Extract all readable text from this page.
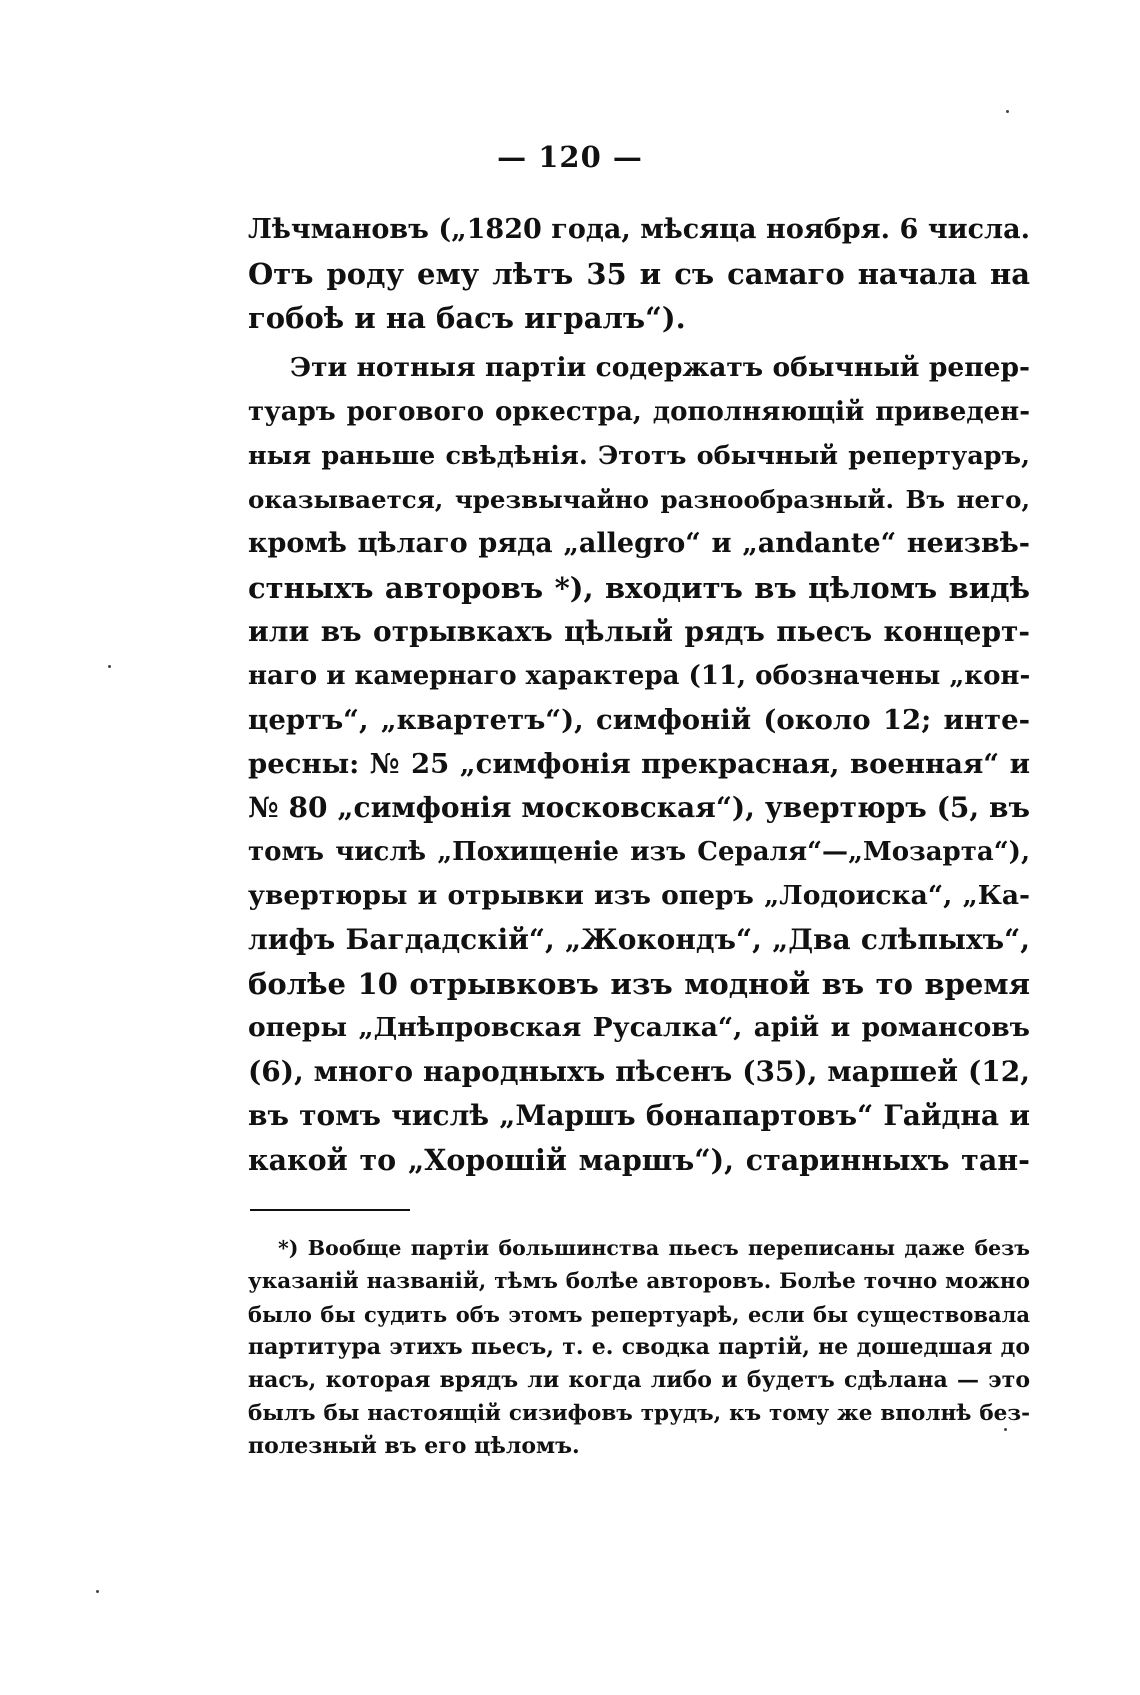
— 120 —
Лѣчмановъ („1820 года, мѣсяца ноября. 6 числа.
Отъ роду ему лѣтъ 35 и съ самаго начала на
гобоѣ и на басъ игралъ“).
Эти нотныя партіи содержатъ обычный репер-
туаръ рогового оркестра, дополняющій приведен-
ныя раньше свѣдѣнія. Этотъ обычный репертуаръ,
оказывается, чрезвычайно разнообразный. Въ него,
кромѣ цѣлаго ряда „allegro“ и „andante“ неизвѣ-
стныхъ авторовъ *), входитъ въ цѣломъ видѣ
или въ отрывкахъ цѣлый рядъ пьесъ концерт-
наго и камернаго характера (11, обозначены „кон-
цертъ“, „квартетъ“), симфоній (около 12; инте-
ресны: № 25 „симфонія прекрасная, военная“ и
№ 80 „симфонія московская“), увертюръ (5, въ
томъ числѣ „Похищеніе изъ Сераля“—„Мозарта“),
увертюры и отрывки изъ оперъ „Лодоиска“, „Ка-
лифъ Багдадскій“, „Жокондъ“, „Два слѣпыхъ“,
болѣе 10 отрывковъ изъ модной въ то время
оперы „Днѣпровская Русалка“, арій и романсовъ
(6), много народныхъ пѣсенъ (35), маршей (12,
въ томъ числѣ „Маршъ бонапартовъ“ Гайдна и
какой то „Хорошій маршъ“), старинныхъ тан-
*) Вообще партіи большинства пьесъ переписаны даже безъ
указаній названій, тѣмъ болѣе авторовъ. Болѣе точно можно
было бы судить объ этомъ репертуарѣ, если бы существовала
партитура этихъ пьесъ, т. е. сводка партій, не дошедшая до
насъ, которая врядъ ли когда либо и будетъ сдѣлана — это
былъ бы настоящій сизифовъ трудъ, къ тому же вполнѣ без-
полезный въ его цѣломъ.
